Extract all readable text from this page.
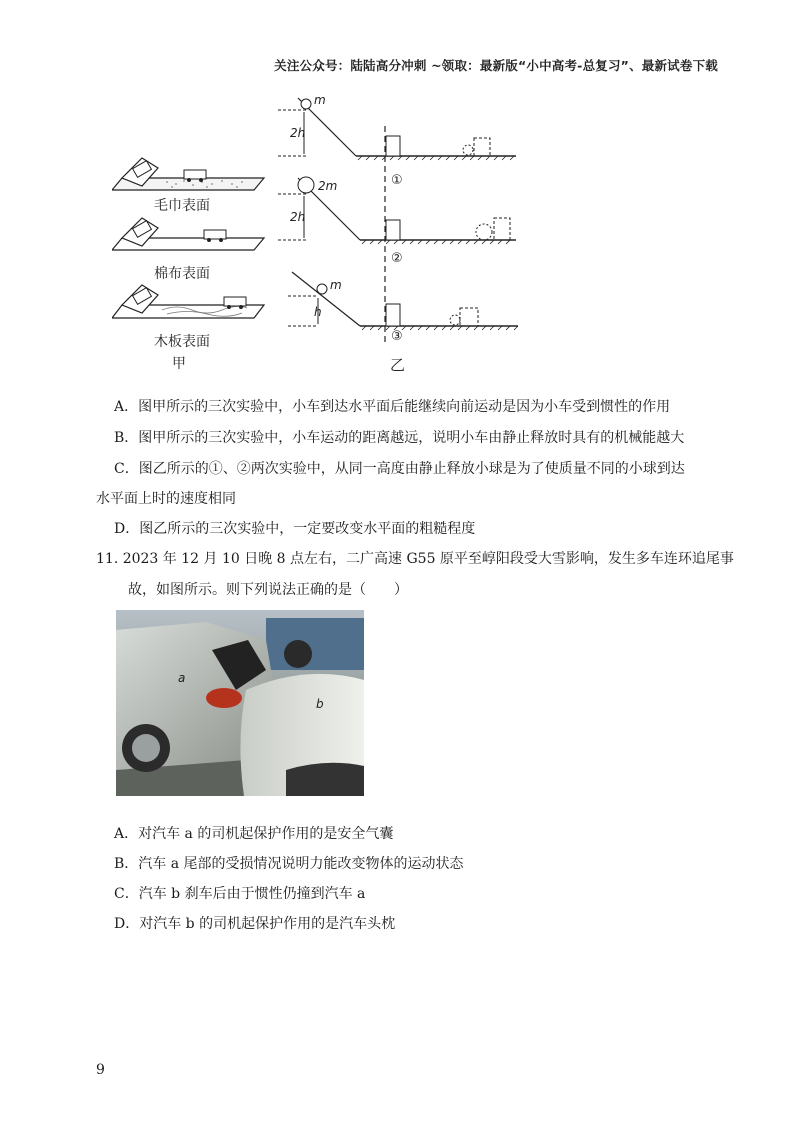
关注公众号：陆陆高分冲刺 ~领取：最新版“小中高考-总复习”、最新试卷下载
毛巾表面
棉布表面
木板表面
甲
m
2h
①
2m
2h
②
m
h
③
乙
A．图甲所示的三次实验中，小车到达水平面后能继续向前运动是因为小车受到惯性的作用
B．图甲所示的三次实验中，小车运动的距离越远，说明小车由静止释放时具有的机械能越大
C．图乙所示的①、②两次实验中，从同一高度由静止释放小球是为了使质量不同的小球到达
水平面上时的速度相同
D．图乙所示的三次实验中，一定要改变水平面的粗糙程度
11. 2023 年 12 月 10 日晚 8 点左右，二广高速 G55 原平至崞阳段受大雪影响，发生多车连环追尾事
故，如图所示。则下列说法正确的是（　　）
a
b
A．对汽车 a 的司机起保护作用的是安全气囊
B．汽车 a 尾部的受损情况说明力能改变物体的运动状态
C．汽车 b 刹车后由于惯性仍撞到汽车 a
D．对汽车 b 的司机起保护作用的是汽车头枕
9
